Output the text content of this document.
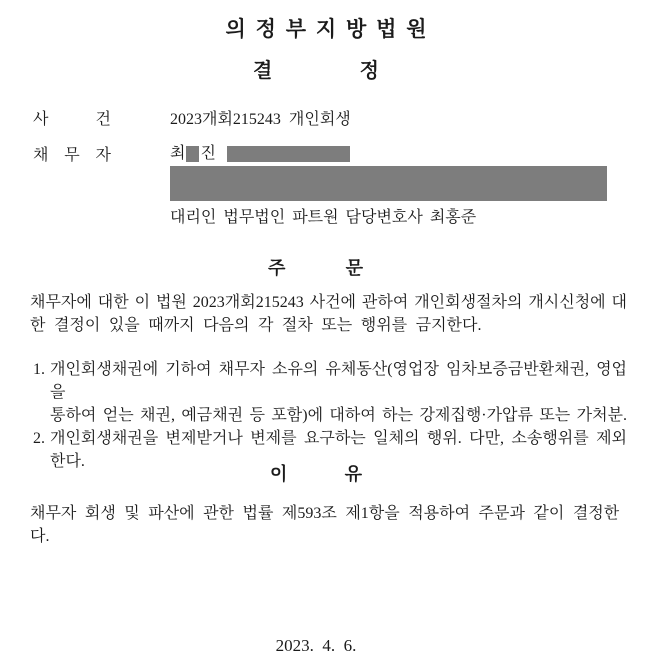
의 정 부 지 방 법 원
결	정
사 건	2023개회215243  개인회생
채 무 자	최 진
대리인 법무법인 파트원 담당변호사 최홍준
주	문
채무자에 대한 이 법원 2023개회215243 사건에 관하여 개인회생절차의 개시신청에 대
한 결정이 있을 때까지 다음의 각 절차 또는 행위를 금지한다.
1. 개인회생채권에 기하여 채무자 소유의 유체동산(영업장 임차보증금반환채권, 영업을
통하여 얻는 채권, 예금채권 등 포함)에 대하여 하는 강제집행·가압류 또는 가처분.
2. 개인회생채권을 변제받거나 변제를 요구하는 일체의 행위. 다만, 소송행위를 제외
한다.
이	유
채무자 회생 및 파산에 관한 법률 제593조 제1항을 적용하여 주문과 같이 결정한다.
2023.  4.  6.
